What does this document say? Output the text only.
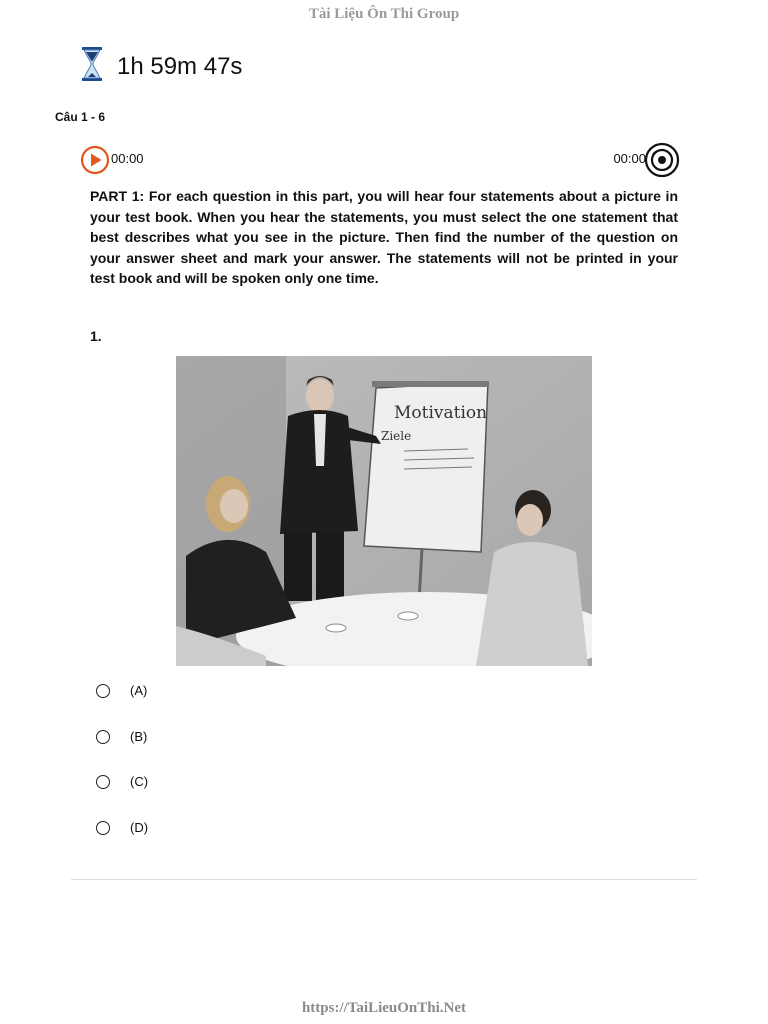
Tài Liệu Ôn Thi Group
1h 59m 47s
Câu 1 - 6
00:00	00:00

PART 1: For each question in this part, you will hear four statements about a picture in your test book. When you hear the statements, you must select the one statement that best describes what you see in the picture. Then find the number of the question on your answer sheet and mark your answer. The statements will not be printed in your test book and will be spoken only one time.

1.
Motivation
Ziele
(A)
(B)
(C)
(D)
https://TaiLieuOnThi.Net
